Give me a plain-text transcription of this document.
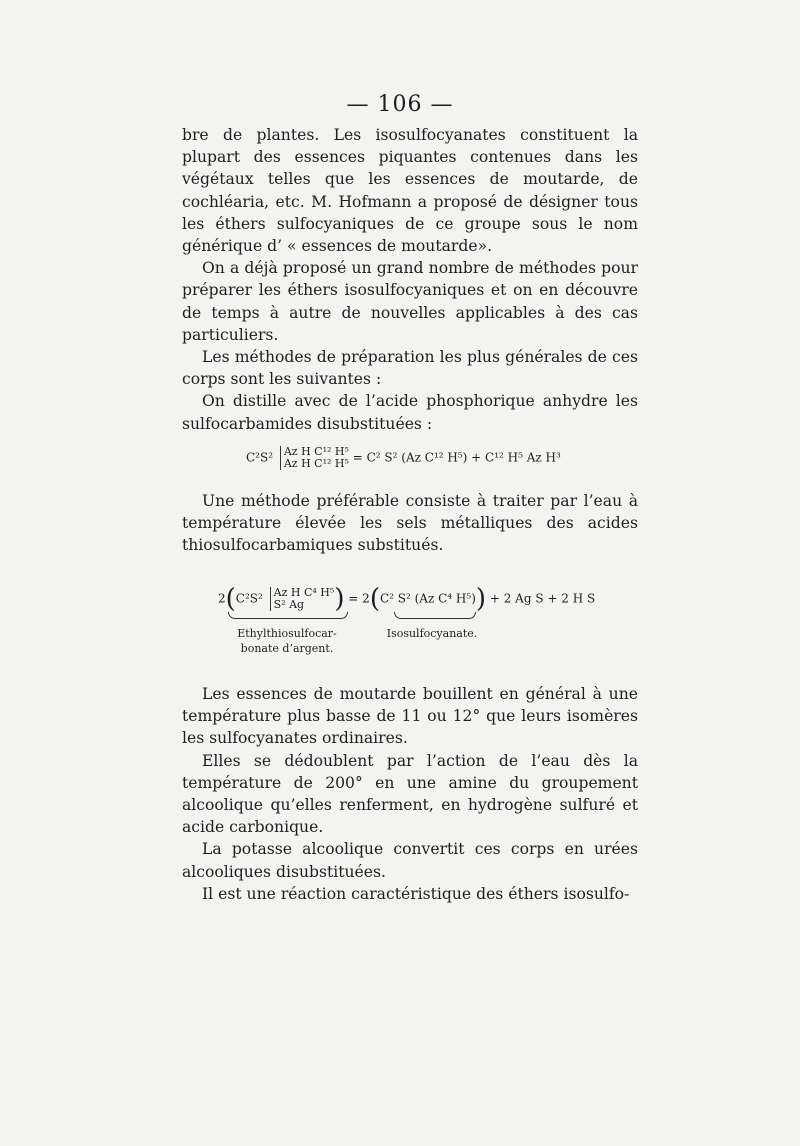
— 106 —

bre de plantes. Les isosulfocyanates constituent la plupart des essences piquantes contenues dans les végétaux telles que les essences de moutarde, de cochléaria, etc. M. Hofmann a proposé de désigner tous les éthers sulfocyaniques de ce groupe sous le nom générique d’ « essences de moutarde».

On a déjà proposé un grand nombre de méthodes pour préparer les éthers isosulfocyaniques et on en découvre de temps à autre de nouvelles applicables à des cas particuliers.

Les méthodes de préparation les plus générales de ces corps sont les suivantes :

On distille avec de l’acide phosphorique anhydre les sulfocarbamides disubstituées :

C²S² Az H C¹² H⁵
Az H C¹² H⁵ = C² S² (Az C¹² H⁵) + C¹² H⁵ Az H³

Une méthode préférable consiste à traiter par l’eau à température élevée les sels métalliques des acides thiosulfocarbamiques substitués.

2(C²S² Az H C⁴ H⁵
S² Ag ) = 2(C² S² (Az C⁴ H⁵)) + 2 Ag S + 2 H S
Ethylthiosulfocar-
bonate d’argent.
Isosulfocyanate.

Les essences de moutarde bouillent en général à une température plus basse de 11 ou 12° que leurs isomères les sulfocyanates ordinaires.

Elles se dédoublent par l’action de l’eau dès la température de 200° en une amine du groupement alcoolique qu’elles renferment, en hydrogène sulfuré et acide carbonique.

La potasse alcoolique convertit ces corps en urées alcooliques disubstituées.

Il est une réaction caractéristique des éthers isosulfo-
